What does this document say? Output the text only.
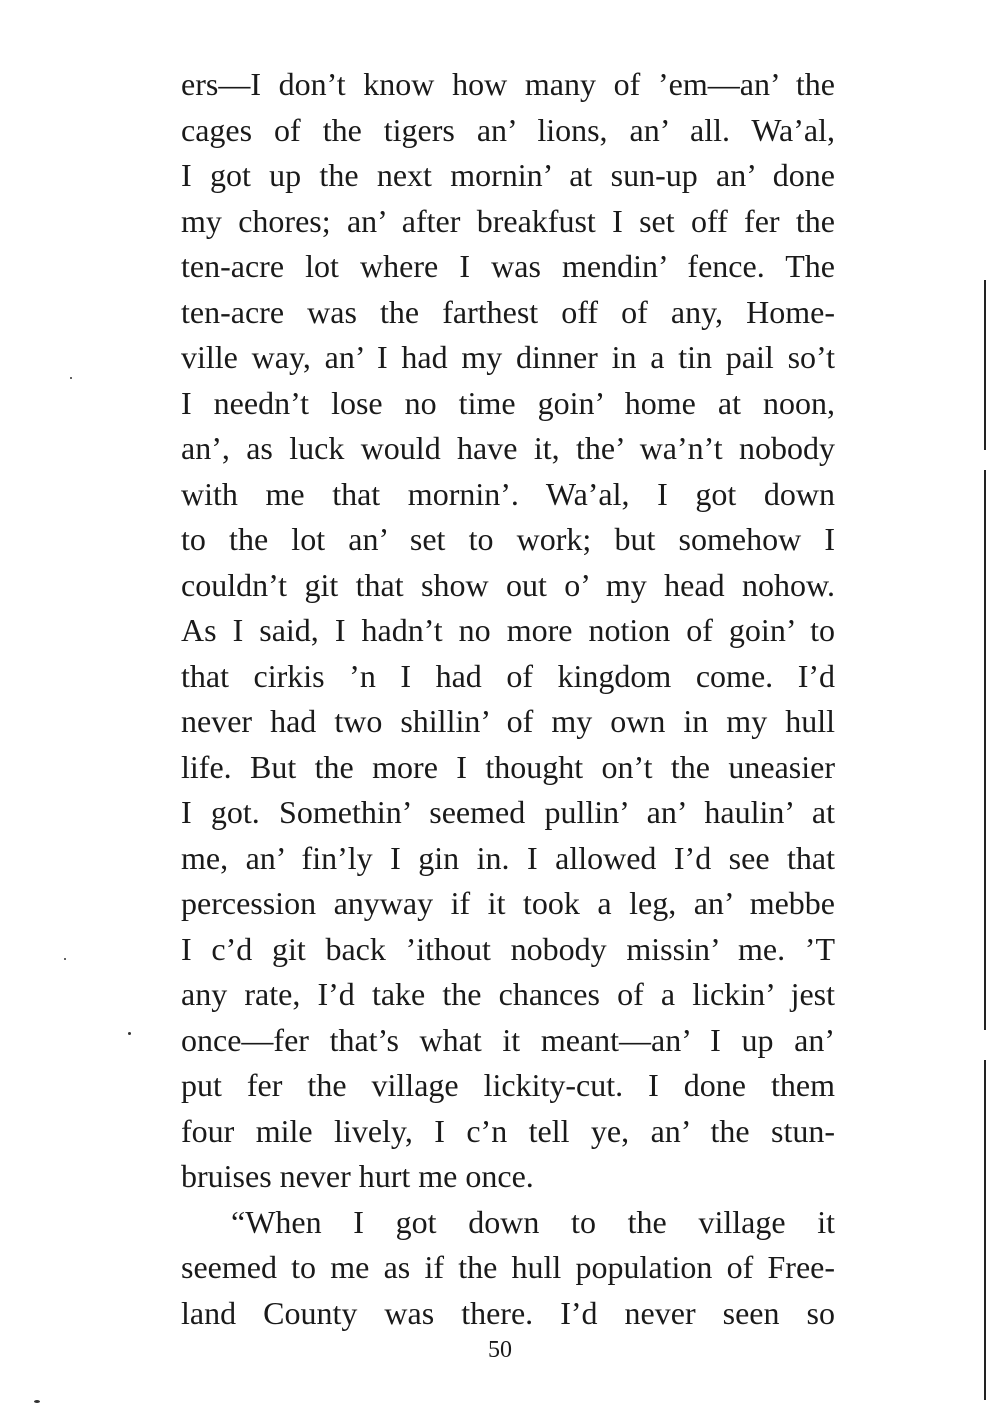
ers—I don’t know how many of ’em—an’ the
cages of the tigers an’ lions, an’ all. Wa’al,
I got up the next mornin’ at sun-up an’ done
my chores; an’ after breakfust I set off fer the
ten-acre lot where I was mendin’ fence. The
ten-acre was the farthest off of any, Home-
ville way, an’ I had my dinner in a tin pail so’t
I needn’t lose no time goin’ home at noon,
an’, as luck would have it, the’ wa’n’t nobody
with me that mornin’. Wa’al, I got down
to the lot an’ set to work; but somehow I
couldn’t git that show out o’ my head nohow.
As I said, I hadn’t no more notion of goin’ to
that cirkis ’n I had of kingdom come. I’d
never had two shillin’ of my own in my hull
life. But the more I thought on’t the uneasier
I got. Somethin’ seemed pullin’ an’ haulin’ at
me, an’ fin’ly I gin in. I allowed I’d see that
percession anyway if it took a leg, an’ mebbe
I c’d git back ’ithout nobody missin’ me. ’T
any rate, I’d take the chances of a lickin’ jest
once—fer that’s what it meant—an’ I up an’
put fer the village lickity-cut. I done them
four mile lively, I c’n tell ye, an’ the stun-
bruises never hurt me once.
“When I got down to the village it
seemed to me as if the hull population of Free-
land County was there. I’d never seen so
50
